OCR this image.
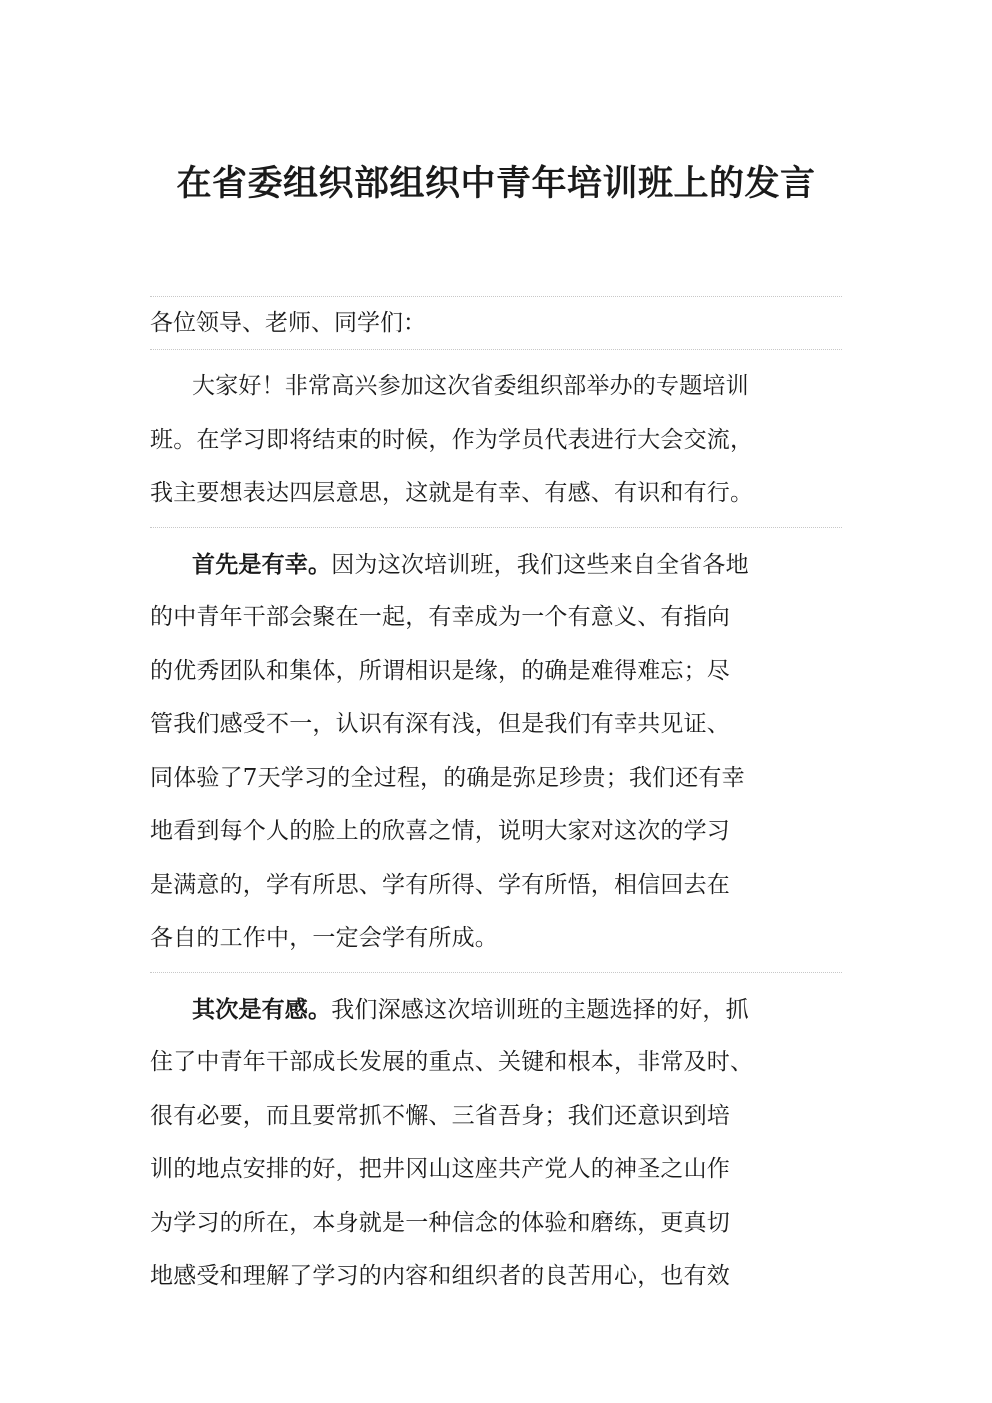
在省委组织部组织中青年培训班上的发言
各位领导、老师、同学们：
大家好！非常高兴参加这次省委组织部举办的专题培训
班。在学习即将结束的时候，作为学员代表进行大会交流，
我主要想表达四层意思，这就是有幸、有感、有识和有行。
首先是有幸。因为这次培训班，我们这些来自全省各地
的中青年干部会聚在一起，有幸成为一个有意义、有指向
的优秀团队和集体，所谓相识是缘，的确是难得难忘；尽
管我们感受不一，认识有深有浅，但是我们有幸共见证、
同体验了7天学习的全过程，的确是弥足珍贵；我们还有幸
地看到每个人的脸上的欣喜之情，说明大家对这次的学习
是满意的，学有所思、学有所得、学有所悟，相信回去在
各自的工作中，一定会学有所成。
其次是有感。我们深感这次培训班的主题选择的好，抓
住了中青年干部成长发展的重点、关键和根本，非常及时、
很有必要，而且要常抓不懈、三省吾身；我们还意识到培
训的地点安排的好，把井冈山这座共产党人的神圣之山作
为学习的所在，本身就是一种信念的体验和磨练，更真切
地感受和理解了学习的内容和组织者的良苦用心，也有效
